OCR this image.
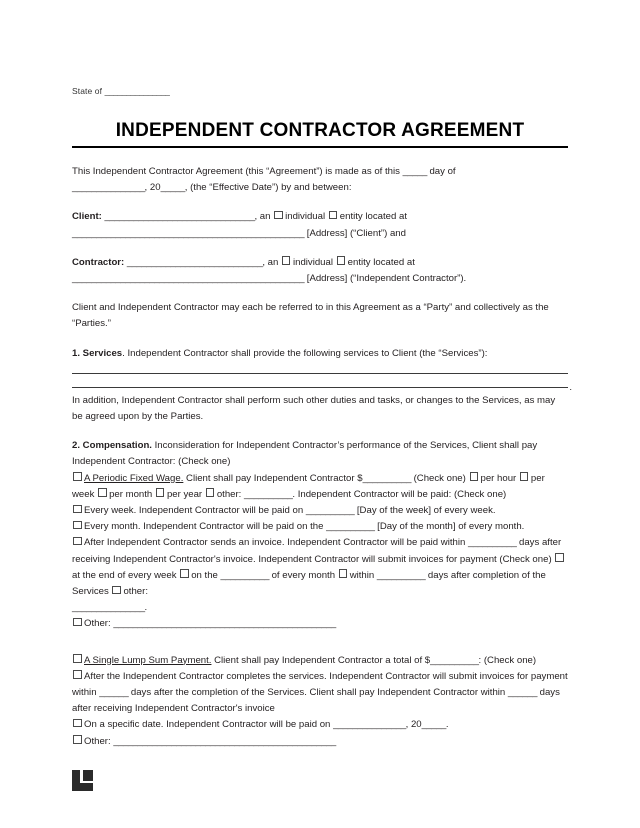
State of _______________
INDEPENDENT CONTRACTOR AGREEMENT

This Independent Contractor Agreement (this “Agreement”) is made as of this _____ day of
_______________, 20_____, (the “Effective Date”) by and between:

Client: _______________________________, an individual entity located at
________________________________________________ [Address] (“Client”) and

Contractor: ____________________________, an individual entity located at
________________________________________________ [Address] (“Independent Contractor”).

Client and Independent Contractor may each be referred to in this Agreement as a “Party” and collectively as the “Parties.”

1. Services. Independent Contractor shall provide the following services to Client (the “Services”):

.

In addition, Independent Contractor shall perform such other duties and tasks, or changes to the Services, as may be agreed upon by the Parties.

2. Compensation. Inconsideration for Independent Contractor’s performance of the Services, Client shall pay Independent Contractor: (Check one)

A Periodic Fixed Wage. Client shall pay Independent Contractor $__________ (Check one) per hour per week per month per year other: __________. Independent Contractor will be paid: (Check one)

Every week. Independent Contractor will be paid on __________ [Day of the week] of every week.

Every month. Independent Contractor will be paid on the __________ [Day of the month] of every month.

After Independent Contractor sends an invoice. Independent Contractor will be paid within __________ days after receiving Independent Contractor's invoice. Independent Contractor will submit invoices for payment (Check one) at the end of every week on the __________ of every month within __________ days after completion of the Services other:
_______________.

Other: ______________________________________________

A Single Lump Sum Payment. Client shall pay Independent Contractor a total of $__________: (Check one)

After the Independent Contractor completes the services. Independent Contractor will submit invoices for payment within ______ days after the completion of the Services. Client shall pay Independent Contractor within ______ days after receiving Independent Contractor's invoice

On a specific date. Independent Contractor will be paid on _______________, 20_____.

Other: ______________________________________________
